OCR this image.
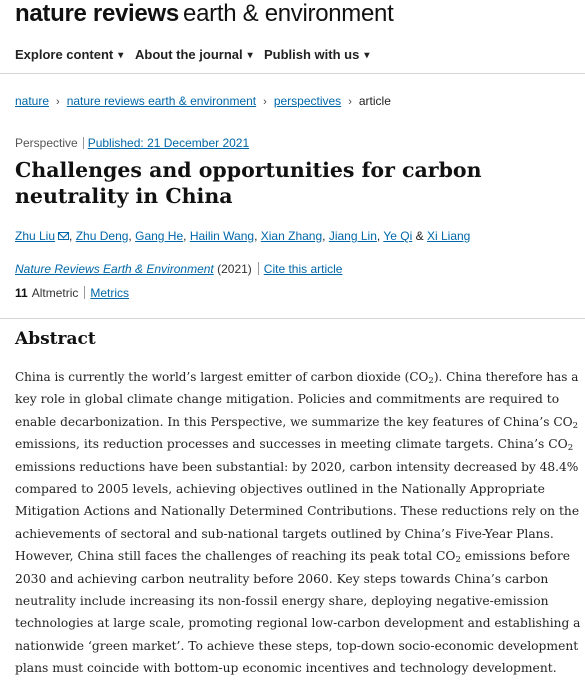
nature reviews earth & environment
Explore content ▾ About the journal ▾ Publish with us ▾
nature › nature reviews earth & environment › perspectives › article
Perspective Published: 21 December 2021
Challenges and opportunities for carbon neutrality in China
Zhu Liu , Zhu Deng, Gang He, Hailin Wang, Xian Zhang, Jiang Lin, Ye Qi & Xi Liang
Nature Reviews Earth & Environment (2021) Cite this article
11 Altmetric Metrics
Abstract
China is currently the world’s largest emitter of carbon dioxide $(CO_2)$. China therefore has a
key role in global climate change mitigation. Policies and commitments are required to
enable decarbonization. In this Perspective, we summarize the key features of China’s $CO_2$
emissions, its reduction processes and successes in meeting climate targets. China’s $CO_2$
emissions reductions have been substantial: by 2020, carbon intensity decreased by 48.4%
compared to 2005 levels, achieving objectives outlined in the Nationally Appropriate
Mitigation Actions and Nationally Determined Contributions. These reductions rely on the
achievements of sectoral and sub-national targets outlined by China’s Five-Year Plans.
However, China still faces the challenges of reaching its peak total $CO_2$ emissions before
2030 and achieving carbon neutrality before 2060. Key steps towards China’s carbon
neutrality include increasing its non-fossil energy share, deploying negative-emission
technologies at large scale, promoting regional low-carbon development and establishing a
nationwide ‘green market’. To achieve these steps, top-down socio-economic development
plans must coincide with bottom-up economic incentives and technology development.
